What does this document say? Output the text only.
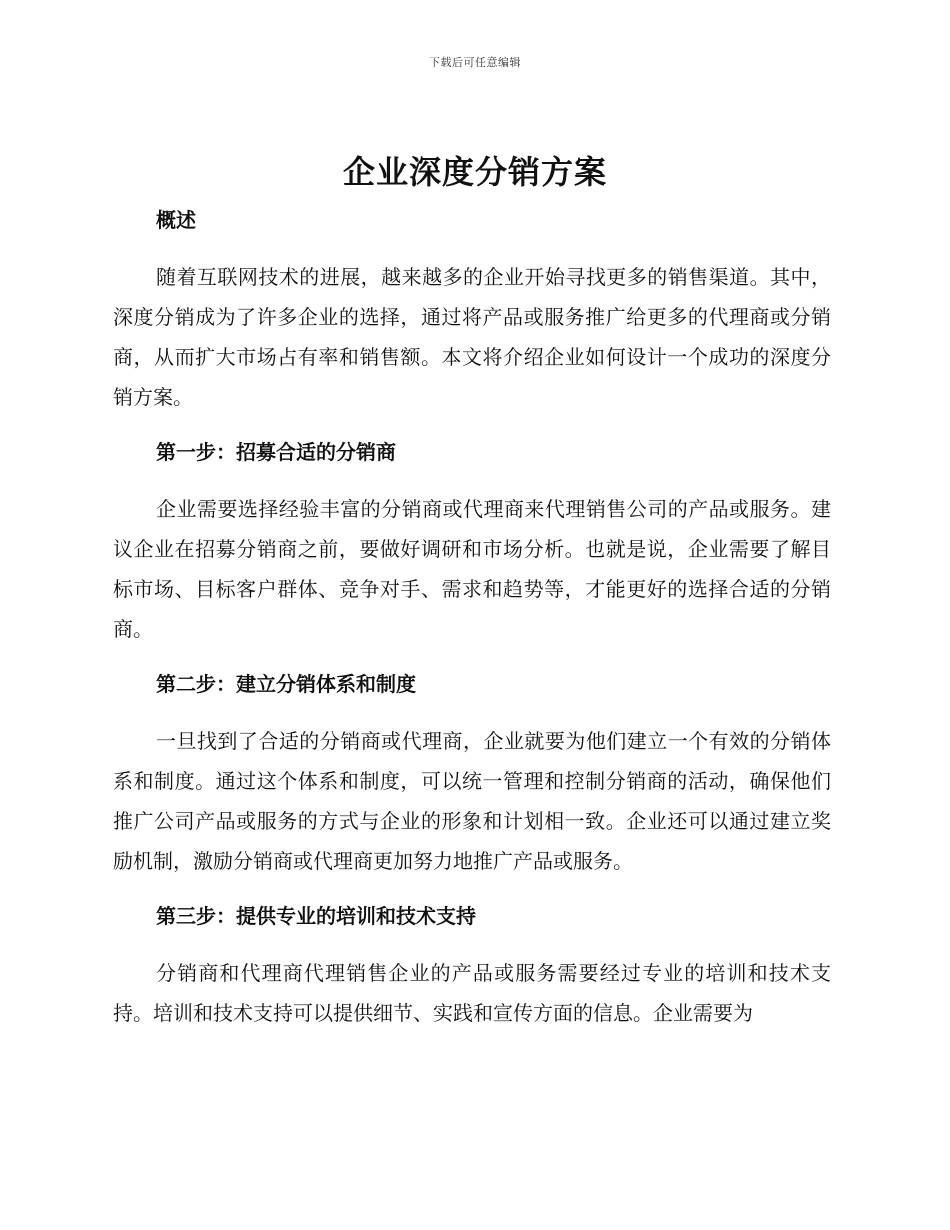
下载后可任意编辑
企业深度分销方案
概述

随着互联网技术的进展，越来越多的企业开始寻找更多的销售渠道。其中，深度分销成为了许多企业的选择，通过将产品或服务推广给更多的代理商或分销商，从而扩大市场占有率和销售额。本文将介绍企业如何设计一个成功的深度分销方案。

第一步：招募合适的分销商

企业需要选择经验丰富的分销商或代理商来代理销售公司的产品或服务。建议企业在招募分销商之前，要做好调研和市场分析。也就是说，企业需要了解目标市场、目标客户群体、竞争对手、需求和趋势等，才能更好的选择合适的分销商。

第二步：建立分销体系和制度

一旦找到了合适的分销商或代理商，企业就要为他们建立一个有效的分销体系和制度。通过这个体系和制度，可以统一管理和控制分销商的活动，确保他们推广公司产品或服务的方式与企业的形象和计划相一致。企业还可以通过建立奖励机制，激励分销商或代理商更加努力地推广产品或服务。

第三步：提供专业的培训和技术支持

分销商和代理商代理销售企业的产品或服务需要经过专业的培训和技术支持。培训和技术支持可以提供细节、实践和宣传方面的信息。企业需要为
